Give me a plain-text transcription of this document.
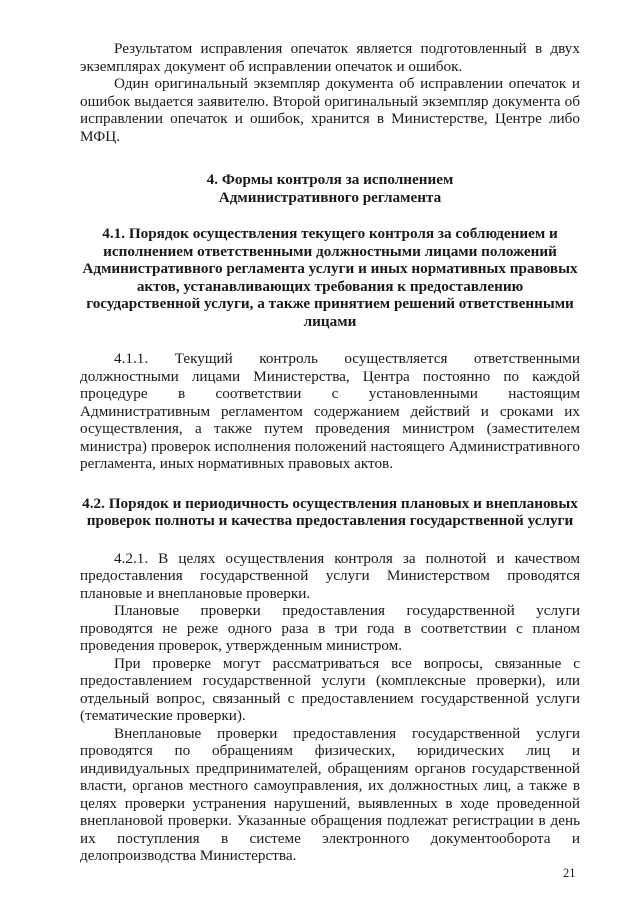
Результатом исправления опечаток является подготовленный в двух экземплярах документ об исправлении опечаток и ошибок.

Один оригинальный экземпляр документа об исправлении опечаток и ошибок выдается заявителю. Второй оригинальный экземпляр документа об исправлении опечаток и ошибок, хранится в Министерстве, Центре либо МФЦ.

4. Формы контроля за исполнением
Административного регламента
4.1. Порядок осуществления текущего контроля за соблюдением и исполнением ответственными должностными лицами положений Административного регламента услуги и иных нормативных правовых актов, устанавливающих требования к предоставлению государственной услуги, а также принятием решений ответственными лицами

4.1.1. Текущий контроль осуществляется ответственными должностными лицами Министерства, Центра постоянно по каждой процедуре в соответствии с установленными настоящим Административным регламентом содержанием действий и сроками их осуществления, а также путем проведения министром (заместителем министра) проверок исполнения положений настоящего Административного регламента, иных нормативных правовых актов.

4.2. Порядок и периодичность осуществления плановых и внеплановых проверок полноты и качества предоставления государственной услуги

4.2.1. В целях осуществления контроля за полнотой и качеством предоставления государственной услуги Министерством проводятся плановые и внеплановые проверки.

Плановые проверки предоставления государственной услуги проводятся не реже одного раза в три года в соответствии с планом проведения проверок, утвержденным министром.

При проверке могут рассматриваться все вопросы, связанные с предоставлением государственной услуги (комплексные проверки), или отдельный вопрос, связанный с предоставлением государственной услуги (тематические проверки).

Внеплановые проверки предоставления государственной услуги проводятся по обращениям физических, юридических лиц и индивидуальных предпринимателей, обращениям органов государственной власти, органов местного самоуправления, их должностных лиц, а также в целях проверки устранения нарушений, выявленных в ходе проведенной внеплановой проверки. Указанные обращения подлежат регистрации в день их поступления в системе электронного документооборота и делопроизводства Министерства.

21
